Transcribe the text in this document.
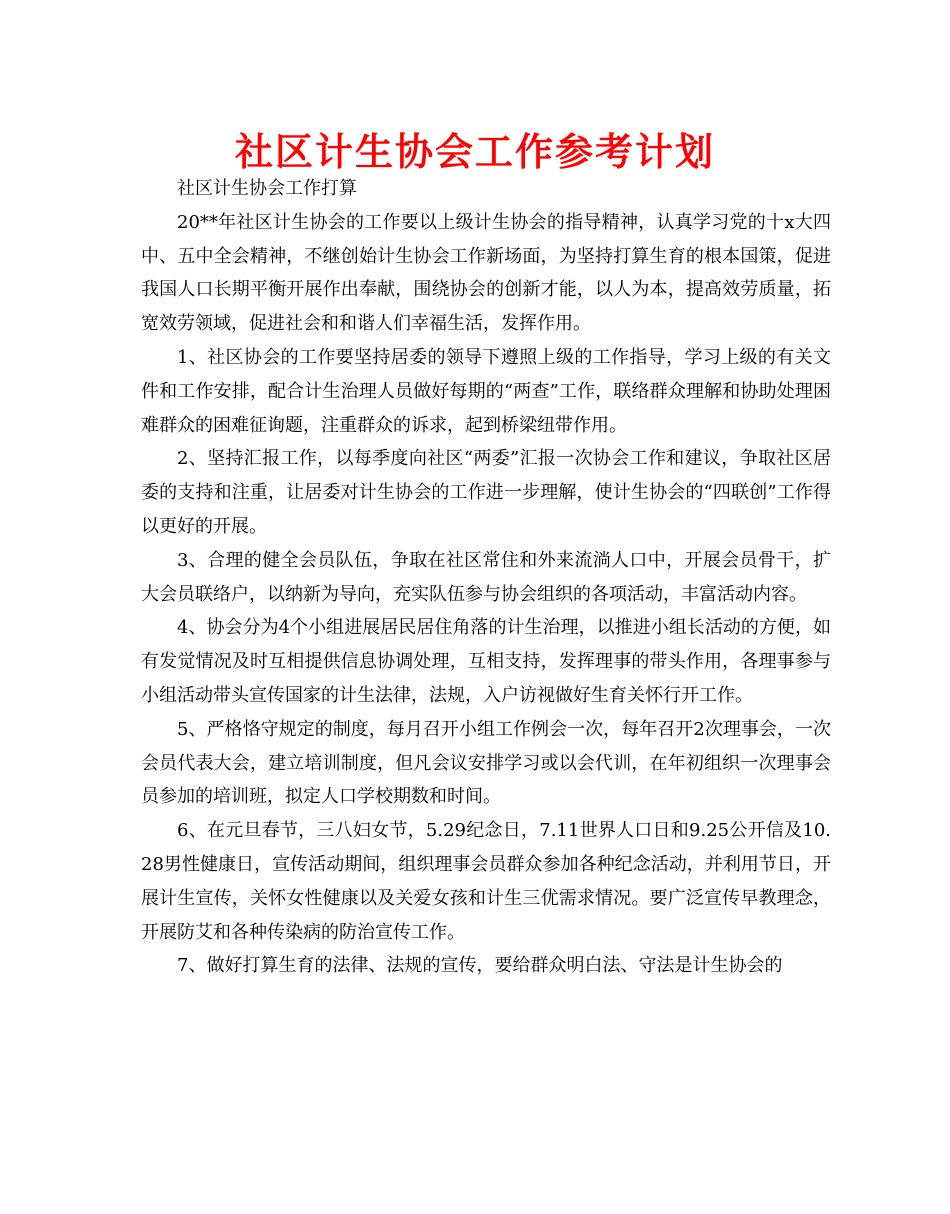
社区计生协会工作参考计划

社区计生协会工作打算

20**年社区计生协会的工作要以上级计生协会的指导精神，认真学习党的十x大四中、五中全会精神，不继创始计生协会工作新场面，为坚持打算生育的根本国策，促进我国人口长期平衡开展作出奉献，围绕协会的创新才能，以人为本，提高效劳质量，拓宽效劳领域，促进社会和和谐人们幸福生活，发挥作用。

1、社区协会的工作要坚持居委的领导下遵照上级的工作指导，学习上级的有关文件和工作安排，配合计生治理人员做好每期的“两查”工作，联络群众理解和协助处理困难群众的困难征询题，注重群众的诉求，起到桥梁纽带作用。

2、坚持汇报工作，以每季度向社区“两委”汇报一次协会工作和建议，争取社区居委的支持和注重，让居委对计生协会的工作进一步理解，使计生协会的“四联创”工作得以更好的开展。

3、合理的健全会员队伍，争取在社区常住和外来流淌人口中，开展会员骨干，扩大会员联络户，以纳新为导向，充实队伍参与协会组织的各项活动，丰富活动内容。

4、协会分为4个小组进展居民居住角落的计生治理，以推进小组长活动的方便，如有发觉情况及时互相提供信息协调处理，互相支持，发挥理事的带头作用，各理事参与小组活动带头宣传国家的计生法律，法规，入户访视做好生育关怀行开工作。

5、严格恪守规定的制度，每月召开小组工作例会一次，每年召开2次理事会，一次会员代表大会，建立培训制度，但凡会议安排学习或以会代训，在年初组织一次理事会员参加的培训班，拟定人口学校期数和时间。

6、在元旦春节，三八妇女节，5.29纪念日，7.11世界人口日和9.25公开信及10.28男性健康日，宣传活动期间，组织理事会员群众参加各种纪念活动，并利用节日，开展计生宣传，关怀女性健康以及关爱女孩和计生三优需求情况。要广泛宣传早教理念，开展防艾和各种传染病的防治宣传工作。

7、做好打算生育的法律、法规的宣传，要给群众明白法、守法是计生协会的
